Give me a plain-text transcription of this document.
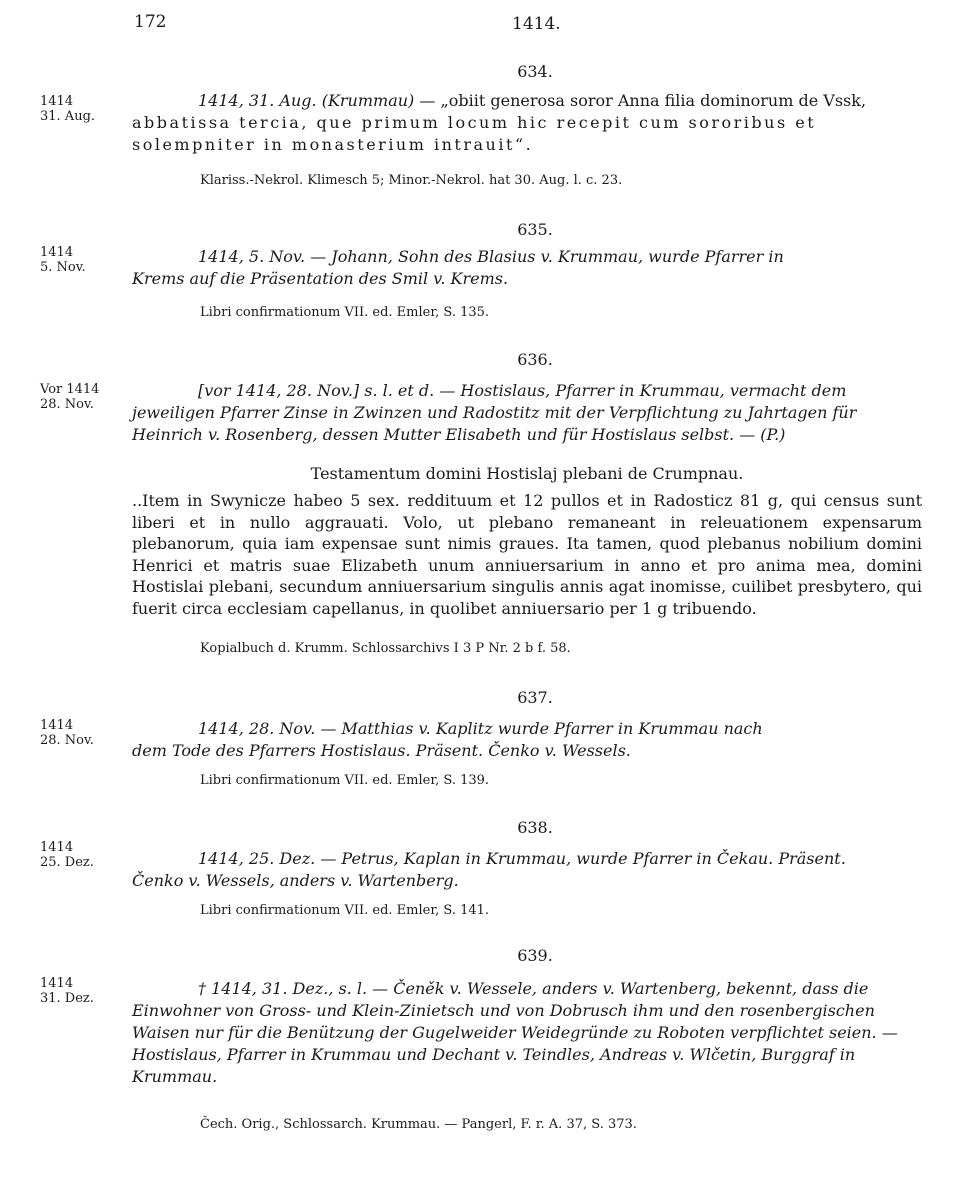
172	1414.
634.
1414
31. Aug.
1414, 31. Aug. (Krummau) — „obiit generosa soror Anna filia dominorum de Vssk,
abbatissa tercia, que primum locum hic recepit cum sororibus et solempniter in monasterium intrauit“.
Klariss.-Nekrol. Klimesch 5; Minor.-Nekrol. hat 30. Aug. l. c. 23.
635.
1414
5. Nov.
1414, 5. Nov. — Johann, Sohn des Blasius v. Krummau, wurde Pfarrer in
Krems auf die Präsentation des Smil v. Krems.
Libri confirmationum VII. ed. Emler, S. 135.
636.
Vor 1414
28. Nov.
[vor 1414, 28. Nov.] s. l. et d. — Hostislaus, Pfarrer in Krummau, vermacht dem
jeweiligen Pfarrer Zinse in Zwinzen und Radostitz mit der Verpflichtung zu Jahrtagen für Heinrich v. Rosenberg, dessen Mutter Elisabeth und für Hostislaus selbst. — (P.)
Testamentum domini Hostislaj plebani de Crumpnau.
..Item in Swynicze habeo 5 sex. reddituum et 12 pullos et in Radosticz 81 g, qui census sunt liberi et in nullo aggrauati. Volo, ut plebano remaneant in releuationem expensarum plebanorum, quia iam expensae sunt nimis graues. Ita tamen, quod plebanus nobilium domini Henrici et matris suae Elizabeth unum anniuersarium in anno et pro anima mea, domini Hostislai plebani, secundum anniuersarium singulis annis agat inomisse, cuilibet presbytero, qui fuerit circa ecclesiam capellanus, in quolibet anniuersario per 1 g tribuendo.
Kopialbuch d. Krumm. Schlossarchivs I 3 P Nr. 2 b f. 58.
637.
1414
28. Nov.
1414, 28. Nov. — Matthias v. Kaplitz wurde Pfarrer in Krummau nach
dem Tode des Pfarrers Hostislaus. Präsent. Čenko v. Wessels.
Libri confirmationum VII. ed. Emler, S. 139.
638.
1414
25. Dez.	1414, 25. Dez. — Petrus, Kaplan in Krummau, wurde Pfarrer in Čekau. Präsent.
Čenko v. Wessels, anders v. Wartenberg.
Libri confirmationum VII. ed. Emler, S. 141.
639.
1414
31. Dez.
† 1414, 31. Dez., s. l. — Čeněk v. Wessele, anders v. Wartenberg, bekennt, dass die
Einwohner von Gross- und Klein-Zinietsch und von Dobrusch ihm und den rosenbergischen Waisen nur für die Benützung der Gugelweider Weidegründe zu Roboten verpflichtet seien. — Hostislaus, Pfarrer in Krummau und Dechant v. Teindles, Andreas v. Wlčetin, Burggraf in Krummau.
Čech. Orig., Schlossarch. Krummau. — Pangerl, F. r. A. 37, S. 373.
